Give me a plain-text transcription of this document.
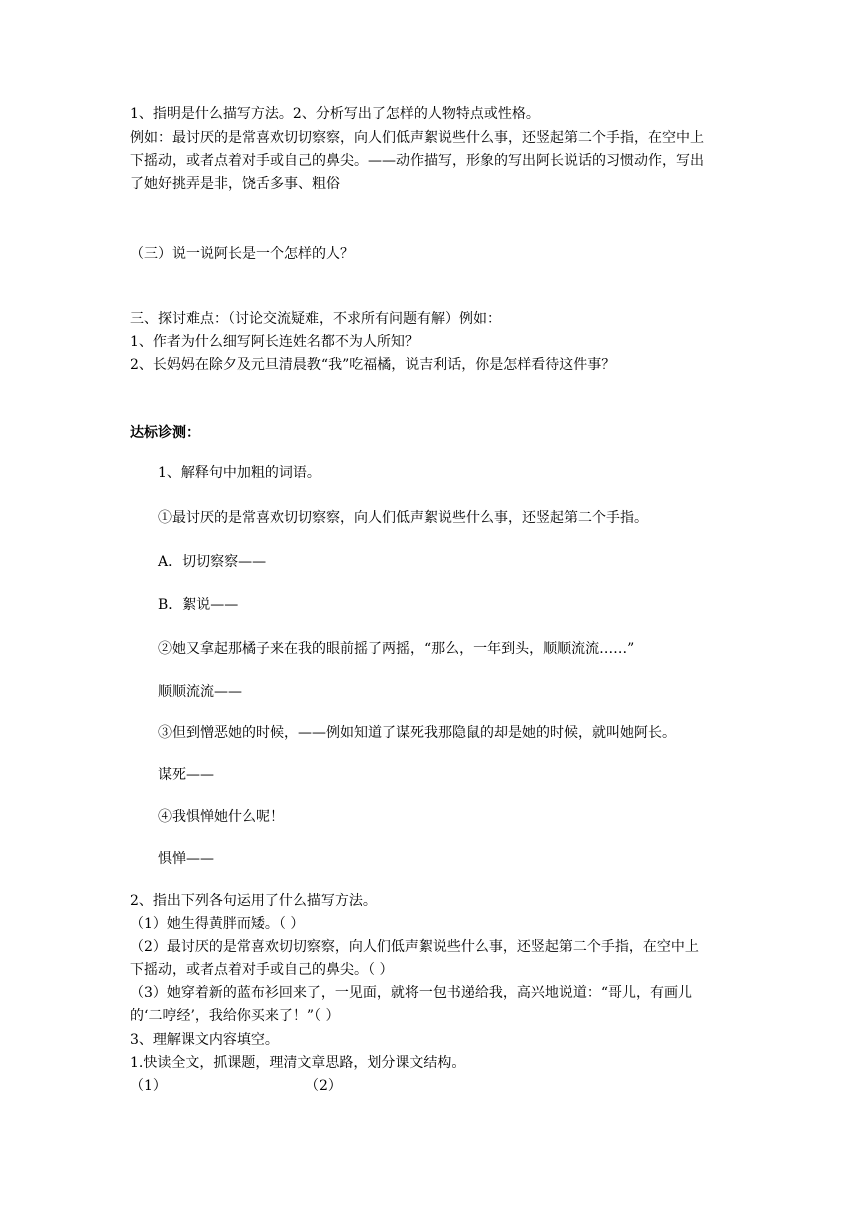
1、指明是什么描写方法。2、分析写出了怎样的人物特点或性格。
例如：最讨厌的是常喜欢切切察察，向人们低声絮说些什么事，还竖起第二个手指，在空中上
下摇动，或者点着对手或自己的鼻尖。——动作描写，形象的写出阿长说话的习惯动作，写出
了她好挑弄是非，饶舌多事、粗俗
（三）说一说阿长是一个怎样的人？
三、探讨难点：（讨论交流疑难，不求所有问题有解）例如：
1、作者为什么细写阿长连姓名都不为人所知？
2、长妈妈在除夕及元旦清晨教“我”吃福橘，说吉利话，你是怎样看待这件事？
达标诊测：
1、解释句中加粗的词语。
①最讨厌的是常喜欢切切察察，向人们低声絮说些什么事，还竖起第二个手指。
A．切切察察——
B．絮说——
②她又拿起那橘子来在我的眼前摇了两摇，“那么，一年到头，顺顺流流……”
顺顺流流——
③但到憎恶她的时候，——例如知道了谋死我那隐鼠的却是她的时候，就叫她阿长。
谋死——
④我惧惮她什么呢！
惧惮——
2、指出下列各句运用了什么描写方法。
（1）她生得黄胖而矮。（ ）
（2）最讨厌的是常喜欢切切察察，向人们低声絮说些什么事，还竖起第二个手指，在空中上
下摇动，或者点着对手或自己的鼻尖。（ ）
（3）她穿着新的蓝布衫回来了，一见面，就将一包书递给我，高兴地说道：“哥儿，有画儿
的‘二哼经’，我给你买来了！”（ ）
3、理解课文内容填空。
1.快读全文，抓课题，理清文章思路，划分课文结构。
（1）	（2）
